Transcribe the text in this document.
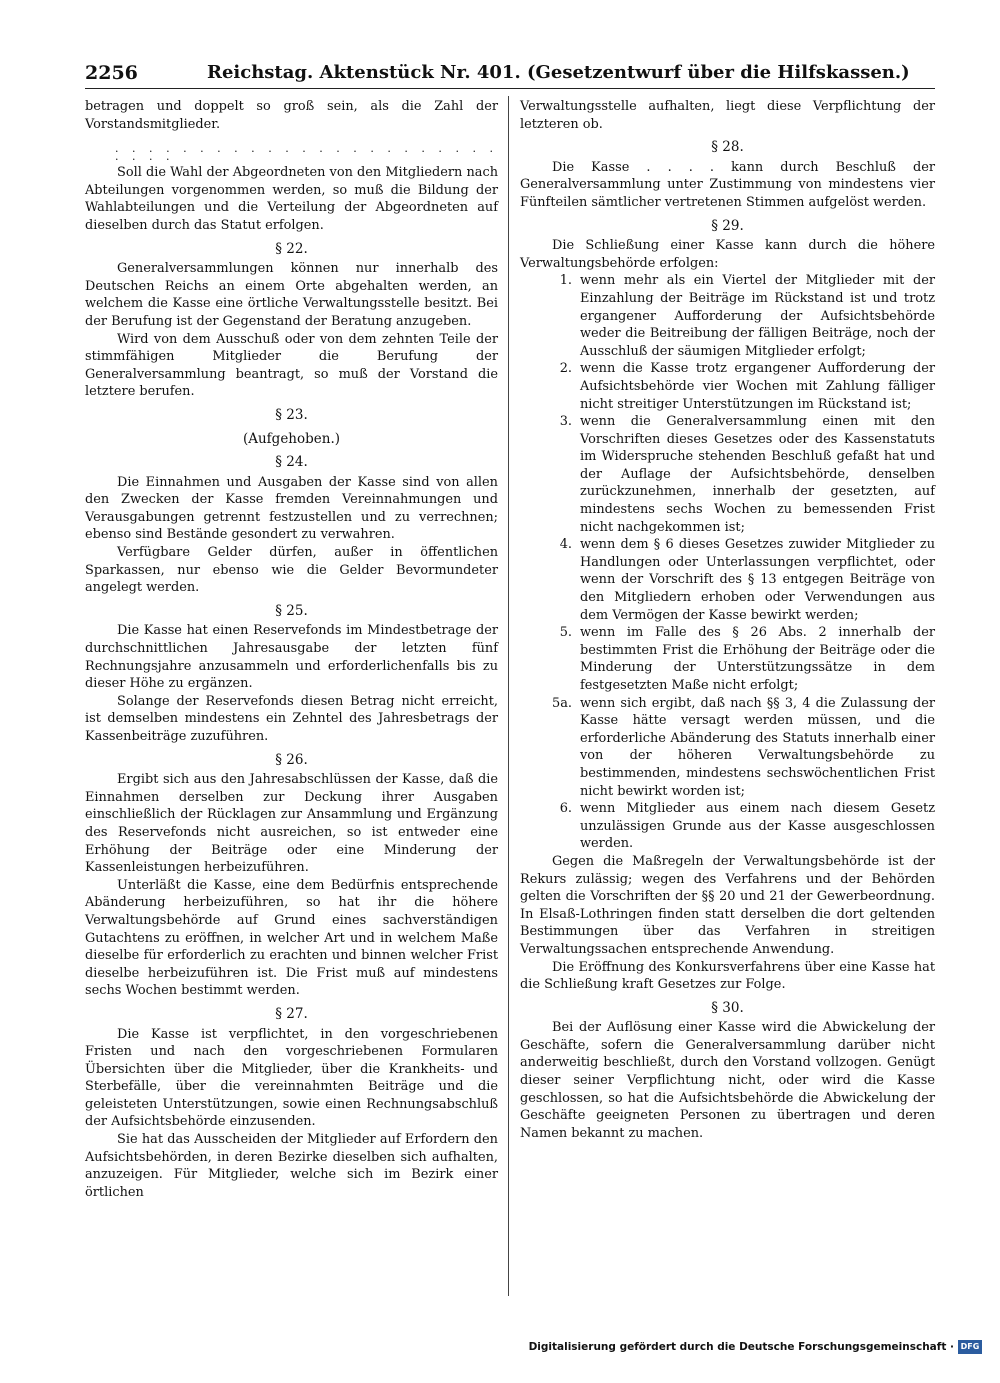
2256	Reichstag. Aktenstück Nr. 401. (Gesetzentwurf über die Hilfskassen.)

betragen und doppelt so groß sein, als die Zahl der Vorstandsmitglieder.

. . . . . . . . . . . . . . . . . . . . . . . . . . .

Soll die Wahl der Abgeordneten von den Mitgliedern nach Abteilungen vorgenommen werden, so muß die Bildung der Wahlabteilungen und die Verteilung der Abgeordneten auf dieselben durch das Statut erfolgen.

§ 22.

Generalversammlungen können nur innerhalb des Deutschen Reichs an einem Orte abgehalten werden, an welchem die Kasse eine örtliche Verwaltungsstelle besitzt. Bei der Berufung ist der Gegenstand der Beratung anzugeben.

Wird von dem Ausschuß oder von dem zehnten Teile der stimmfähigen Mitglieder die Berufung der Generalversammlung beantragt, so muß der Vorstand die letztere berufen.

§ 23.
(Aufgehoben.)
§ 24.

Die Einnahmen und Ausgaben der Kasse sind von allen den Zwecken der Kasse fremden Vereinnahmungen und Verausgabungen getrennt festzustellen und zu verrechnen; ebenso sind Bestände gesondert zu verwahren.

Verfügbare Gelder dürfen, außer in öffentlichen Sparkassen, nur ebenso wie die Gelder Bevormundeter angelegt werden.

§ 25.

Die Kasse hat einen Reservefonds im Mindestbetrage der durchschnittlichen Jahresausgabe der letzten fünf Rechnungsjahre anzusammeln und erforderlichenfalls bis zu dieser Höhe zu ergänzen.

Solange der Reservefonds diesen Betrag nicht erreicht, ist demselben mindestens ein Zehntel des Jahresbetrags der Kassenbeiträge zuzuführen.

§ 26.

Ergibt sich aus den Jahresabschlüssen der Kasse, daß die Einnahmen derselben zur Deckung ihrer Ausgaben einschließlich der Rücklagen zur Ansammlung und Ergänzung des Reservefonds nicht ausreichen, so ist entweder eine Erhöhung der Beiträge oder eine Minderung der Kassenleistungen herbeizuführen.

Unterläßt die Kasse, eine dem Bedürfnis entsprechende Abänderung herbeizuführen, so hat ihr die höhere Verwaltungsbehörde auf Grund eines sachverständigen Gutachtens zu eröffnen, in welcher Art und in welchem Maße dieselbe für erforderlich zu erachten und binnen welcher Frist dieselbe herbeizuführen ist. Die Frist muß auf mindestens sechs Wochen bestimmt werden.

§ 27.

Die Kasse ist verpflichtet, in den vorgeschriebenen Fristen und nach den vorgeschriebenen Formularen Übersichten über die Mitglieder, über die Krankheits- und Sterbefälle, über die vereinnahmten Beiträge und die geleisteten Unterstützungen, sowie einen Rechnungsabschluß der Aufsichtsbehörde einzusenden.

Sie hat das Ausscheiden der Mitglieder auf Erfordern den Aufsichtsbehörden, in deren Bezirke dieselben sich aufhalten, anzuzeigen. Für Mitglieder, welche sich im Bezirk einer örtlichen

Verwaltungsstelle aufhalten, liegt diese Verpflichtung der letzteren ob.

§ 28.

Die Kasse . . . . kann durch Beschluß der Generalversammlung unter Zustimmung von mindestens vier Fünfteilen sämtlicher vertretenen Stimmen aufgelöst werden.

§ 29.

Die Schließung einer Kasse kann durch die höhere Verwaltungsbehörde erfolgen:

1. wenn mehr als ein Viertel der Mitglieder mit der Einzahlung der Beiträge im Rückstand ist und trotz ergangener Aufforderung der Aufsichtsbehörde weder die Beitreibung der fälligen Beiträge, noch der Ausschluß der säumigen Mitglieder erfolgt;
2. wenn die Kasse trotz ergangener Aufforderung der Aufsichtsbehörde vier Wochen mit Zahlung fälliger nicht streitiger Unterstützungen im Rückstand ist;
3. wenn die Generalversammlung einen mit den Vorschriften dieses Gesetzes oder des Kassenstatuts im Widerspruche stehenden Beschluß gefaßt hat und der Auflage der Aufsichtsbehörde, denselben zurückzunehmen, innerhalb der gesetzten, auf mindestens sechs Wochen zu bemessenden Frist nicht nachgekommen ist;
4. wenn dem § 6 dieses Gesetzes zuwider Mitglieder zu Handlungen oder Unterlassungen verpflichtet, oder wenn der Vorschrift des § 13 entgegen Beiträge von den Mitgliedern erhoben oder Verwendungen aus dem Vermögen der Kasse bewirkt werden;
5. wenn im Falle des § 26 Abs. 2 innerhalb der bestimmten Frist die Erhöhung der Beiträge oder die Minderung der Unterstützungssätze in dem festgesetzten Maße nicht erfolgt;
5a. wenn sich ergibt, daß nach §§ 3, 4 die Zulassung der Kasse hätte versagt werden müssen, und die erforderliche Abänderung des Statuts innerhalb einer von der höheren Verwaltungsbehörde zu bestimmenden, mindestens sechswöchentlichen Frist nicht bewirkt worden ist;
6. wenn Mitglieder aus einem nach diesem Gesetz unzulässigen Grunde aus der Kasse ausgeschlossen werden.

Gegen die Maßregeln der Verwaltungsbehörde ist der Rekurs zulässig; wegen des Verfahrens und der Behörden gelten die Vorschriften der §§ 20 und 21 der Gewerbeordnung. In Elsaß-Lothringen finden statt derselben die dort geltenden Bestimmungen über das Verfahren in streitigen Verwaltungssachen entsprechende Anwendung.

Die Eröffnung des Konkursverfahrens über eine Kasse hat die Schließung kraft Gesetzes zur Folge.

§ 30.

Bei der Auflösung einer Kasse wird die Abwickelung der Geschäfte, sofern die Generalversammlung darüber nicht anderweitig beschließt, durch den Vorstand vollzogen. Genügt dieser seiner Verpflichtung nicht, oder wird die Kasse geschlossen, so hat die Aufsichtsbehörde die Abwickelung der Geschäfte geeigneten Personen zu übertragen und deren Namen bekannt zu machen.

Digitalisierung gefördert durch die Deutsche Forschungsgemeinschaft · DFG
